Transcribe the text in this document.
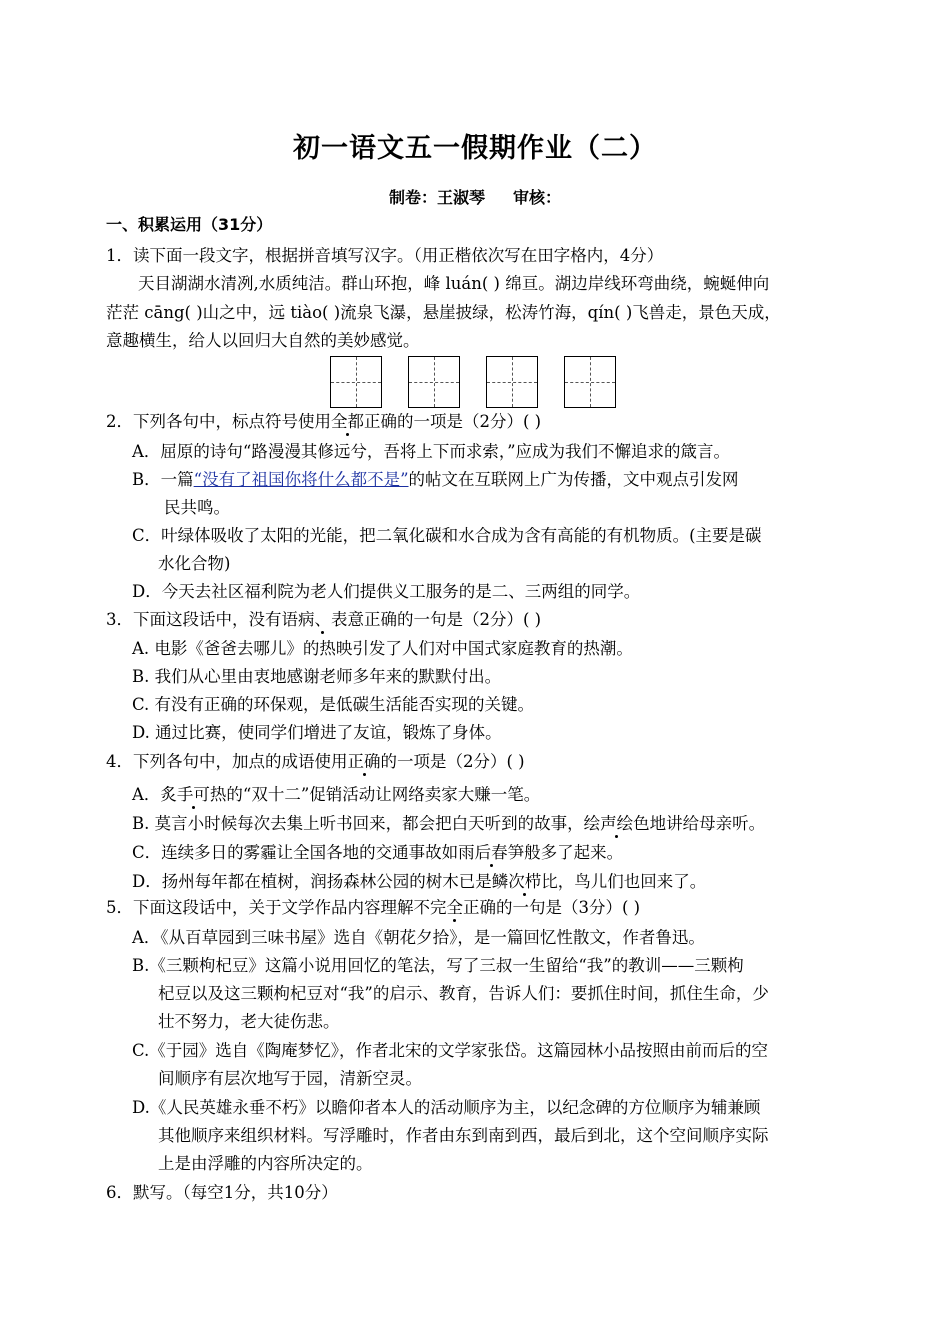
初一语文五一假期作业（二）
制卷：王淑琴 审核：
一、积累运用（31分）
1．读下面一段文字，根据拼音填写汉字。（用正楷依次写在田字格内，4分）
天目湖湖水清冽,水质纯洁。群山环抱，峰 luán( ) 绵亘。湖边岸线环弯曲绕，蜿蜒伸向
茫茫 cāng( )山之中，远 tiào( )流泉飞瀑，悬崖披绿，松涛竹海，qín( )飞兽走，景色天成，
意趣横生，给人以回归大自然的美妙感觉。
2．下列各句中，标点符号使用全都正确的一项是（2分）( )
A．屈原的诗句“路漫漫其修远兮，吾将上下而求索，”应成为我们不懈追求的箴言。
B．一篇“没有了祖国你将什么都不是”的帖文在互联网上广为传播，文中观点引发网
民共鸣。
C．叶绿体吸收了太阳的光能，把二氧化碳和水合成为含有高能的有机物质。(主要是碳
水化合物)
D．今天去社区福利院为老人们提供义工服务的是二、三两组的同学。
3．下面这段话中，没有语病、表意正确的一句是（2分）( )
A. 电影《爸爸去哪儿》的热映引发了人们对中国式家庭教育的热潮。
B. 我们从心里由衷地感谢老师多年来的默默付出。
C. 有没有正确的环保观，是低碳生活能否实现的关键。
D. 通过比赛，使同学们增进了友谊，锻炼了身体。
4．下列各句中，加点的成语使用正确的一项是（2分）( )
A．炙手可热的“双十二”促销活动让网络卖家大赚一笔。
B. 莫言小时候每次去集上听书回来，都会把白天听到的故事，绘声绘色地讲给母亲听。
C．连续多日的雾霾让全国各地的交通事故如雨后春笋般多了起来。
D．扬州每年都在植树，润扬森林公园的树木已是鳞次栉比，鸟儿们也回来了。
5．下面这段话中，关于文学作品内容理解不完全正确的一句是（3分）( )
A．《从百草园到三味书屋》选自《朝花夕拾》，是一篇回忆性散文，作者鲁迅。
B.《三颗枸杞豆》这篇小说用回忆的笔法，写了三叔一生留给“我”的教训——三颗枸
杞豆以及这三颗枸杞豆对“我”的启示、教育，告诉人们：要抓住时间，抓住生命，少
壮不努力，老大徒伤悲。
C.《于园》选自《陶庵梦忆》，作者北宋的文学家张岱。这篇园林小品按照由前而后的空
间顺序有层次地写于园，清新空灵。
D.《人民英雄永垂不朽》以瞻仰者本人的活动顺序为主，以纪念碑的方位顺序为辅兼顾
其他顺序来组织材料。写浮雕时，作者由东到南到西，最后到北，这个空间顺序实际
上是由浮雕的内容所决定的。
6．默写。（每空1分，共10分）
